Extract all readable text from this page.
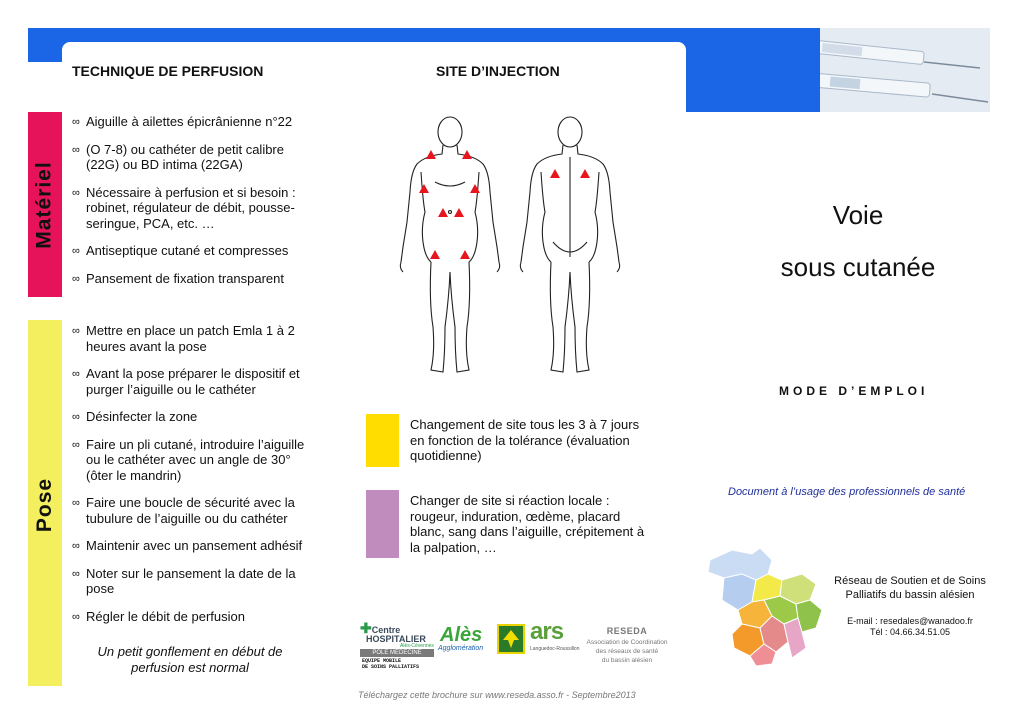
TECHNIQUE DE PERFUSION	SITE D’INJECTION
Matériel
Pose
∞ Aiguille à ailettes épicrânienne n°22
∞ (O 7-8) ou cathéter de petit calibre (22G) ou BD intima (22GA)
∞ Nécessaire à perfusion et si besoin : robinet, régulateur de débit, pousse-seringue, PCA, etc. …
∞ Antiseptique cutané et compresses
∞ Pansement de fixation transparent
∞ Mettre en place un patch Emla 1 à 2 heures avant la pose
∞ Avant la pose préparer le dispositif et purger l’aiguille ou le cathéter
∞ Désinfecter la zone
∞ Faire un pli cutané, introduire l’aiguille ou le cathéter avec un angle de 30° (ôter le mandrin)
∞ Faire une boucle de sécurité avec la tubulure de l’aiguille ou du cathéter
∞ Maintenir avec un pansement adhésif
∞ Noter sur le pansement la date de la pose
∞ Régler le débit de perfusion
Un petit gonflement en début de perfusion est normal
Changement de site tous les 3 à 7 jours en fonction de la tolérance (évaluation quotidienne)
Changer de site si réaction locale : rougeur, induration, œdème, placard blanc, sang dans l’aiguille, crépitement à la palpation, …
✚Centre
HOSPITALIER
Alès-Cévennes
POLE MÉDECINE
EQUIPE MOBILE
DE SOINS PALLIATIFS
Alès
Agglomération
ars
Languedoc-Roussillon
RESEDA
Association de Coordination
des réseaux de santé
du bassin alésien
Téléchargez cette brochure sur www.reseda.asso.fr - Septembre2013
Voie
sous cutanée
MODE D’EMPLOI
Document à l’usage des professionnels de santé
Réseau de Soutien et de Soins
Palliatifs du bassin alésien
E-mail : resedales@wanadoo.fr
Tél : 04.66.34.51.05
